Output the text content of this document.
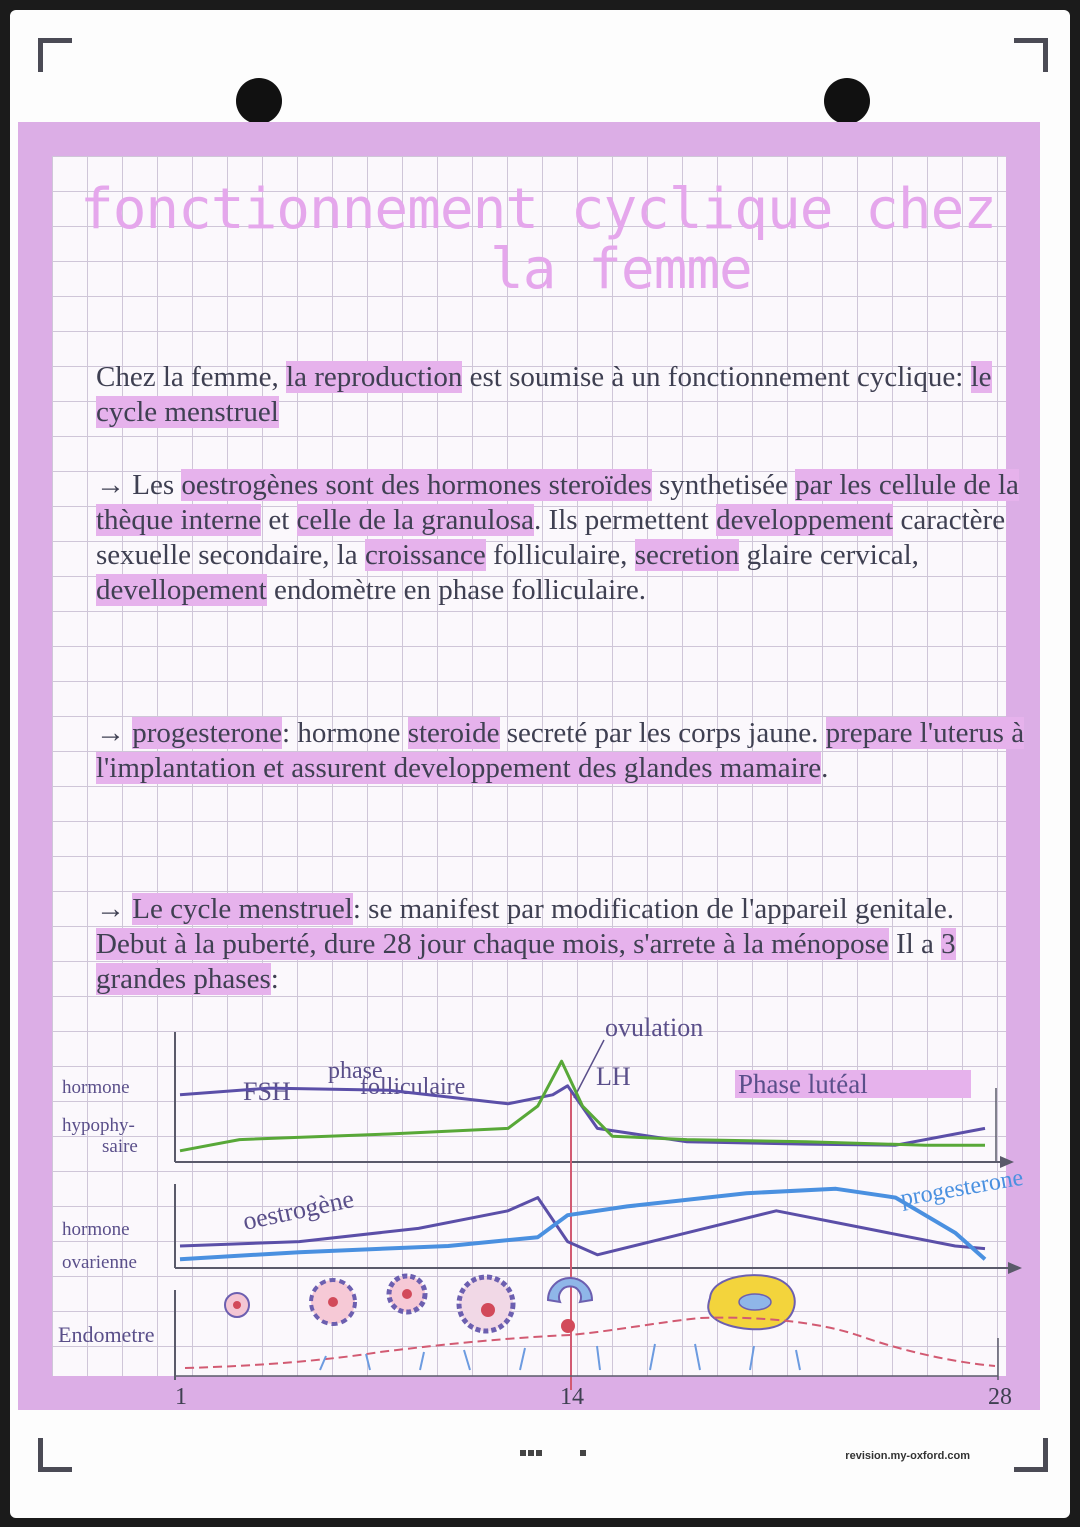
revision.my-oxford.com
fonctionnement cyclique chez
la femme

Chez la femme, la reproduction est soumise à un fonctionnement cyclique: le cycle menstruel

→ Les oestrogènes sont des hormones steroïdes synthetisée par les cellule de la thèque interne et celle de la granulosa. Ils permettent developpement caractère sexuelle secondaire, la croissance folliculaire, secretion glaire cervical, devellopement endomètre en phase folliculaire.

→ progesterone: hormone steroide secreté par les corps jaune. prepare l'uterus à l'implantation et assurent developpement des glandes mamaire.

→ Le cycle menstruel: se manifest par modification de l'appareil genitale. Debut à la puberté, dure 28 jour chaque mois, s'arrete à la ménopose Il a 3 grandes phases:

hormone
hypophy-
saire
hormone
ovarienne
Endometre
ovulation
phase
folliculaire	Phase lutéal
FSH
LH
oestrogène	progesterone
1	14	28
